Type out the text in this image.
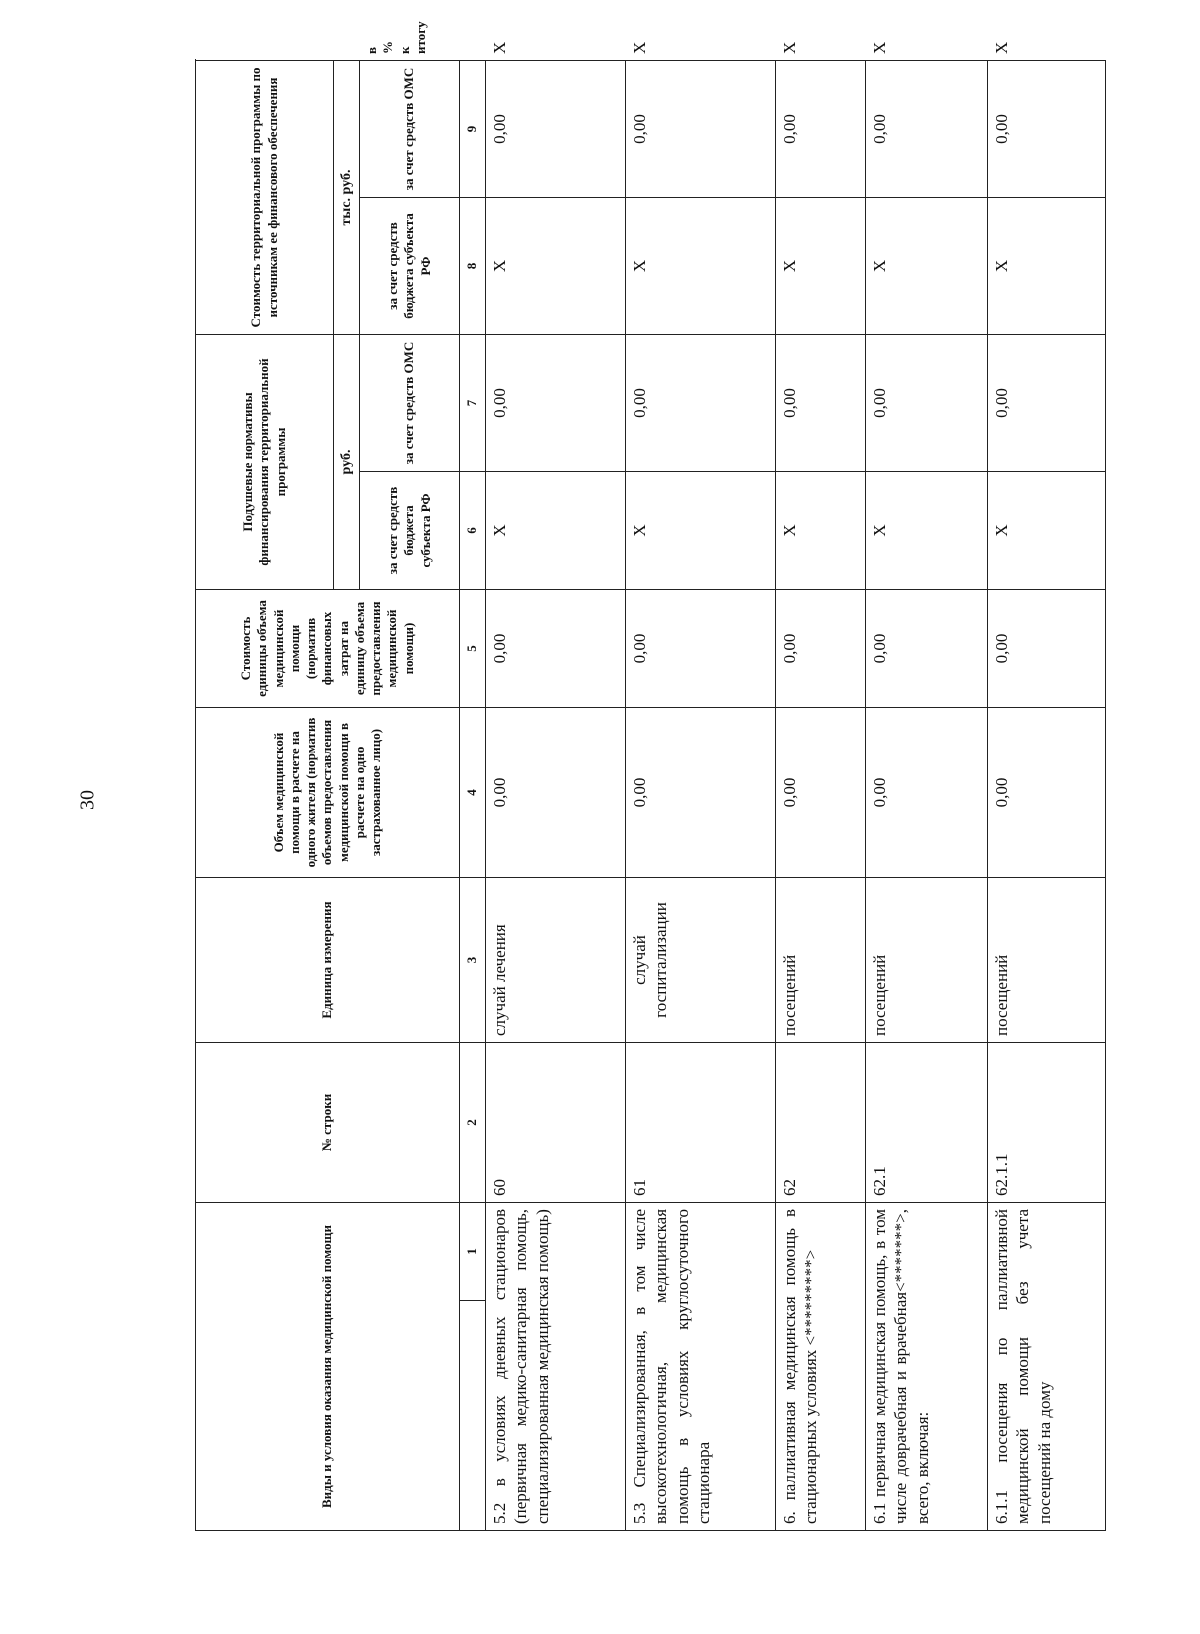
30
Виды и условия оказания медицинской помощи		№ строки	Единица измерения	Объем медицинской помощи в расчете на одного жителя (норматив объемов предоставления медицинской помощи в расчете на одно застрахованное лицо)	Стоимость единицы объема медицинской помощи (норматив финансовых затрат на единицу объема предоставления медицинской помощи)	Подушевые нормативы финансирования территориальной программы		Стоимость территориальной программы по источникам ее финансового обеспечения		
						руб.		тыс. руб.		в % к итогу
						за счет средств бюджета субъекта РФ	за счет средств ОМС	за счет средств бюджета субъекта РФ	за счет средств ОМС	
	1	2	3	4	5	6	7	8	9	
5.2 в условиях дневных стационаров (первичная медико-санитарная помощь, специализированная медицинская помощь)		60	случай лечения	0,00	0,00	X	0,00	X	0,00	X
5.3 Специализированная, в том числе высокотехнологичная, медицинская помощь в условиях круглосуточного стационара		61	случай госпитализации	0,00	0,00	X	0,00	X	0,00	X
6. паллиативная медицинская помощь в стационарных условиях <*********>		62	посещений	0,00	0,00	X	0,00	X	0,00	X
6.1 первичная медицинская помощь, в том числе доврачебная и врачебная<*******>, всего, включая:		62.1	посещений	0,00	0,00	X	0,00	X	0,00	X
6.1.1 посещения по паллиативной медицинской помощи без учета посещений на дому		62.1.1	посещений	0,00	0,00	X	0,00	X	0,00	X
